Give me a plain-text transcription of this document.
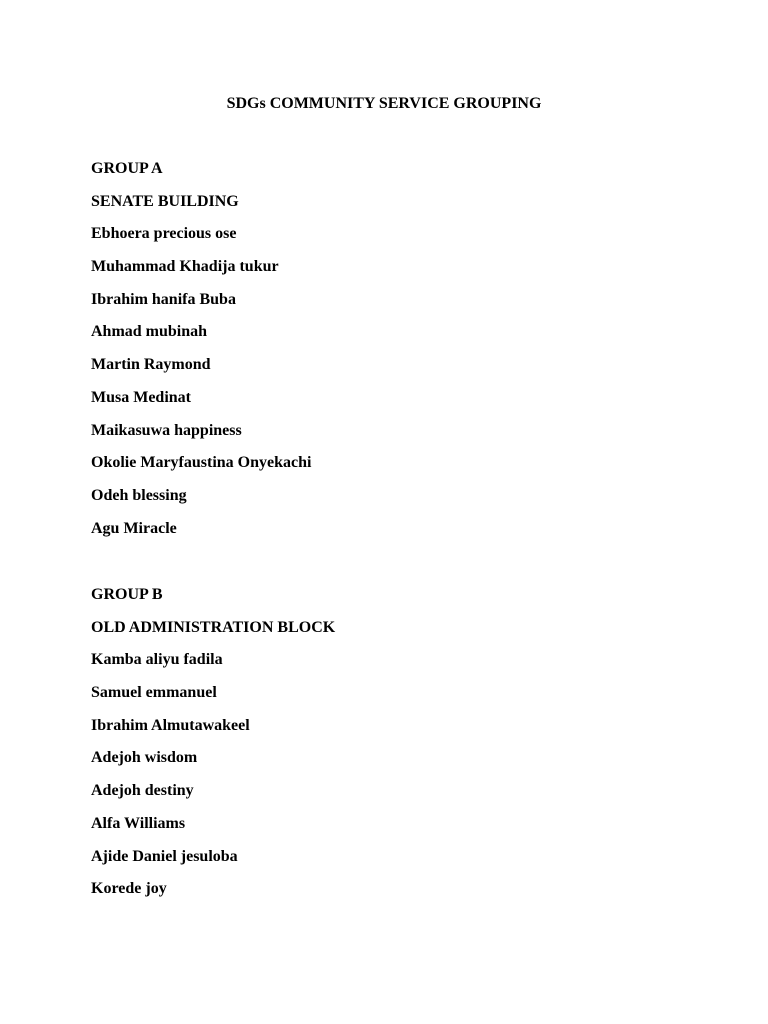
SDGs COMMUNITY SERVICE GROUPING
GROUP A
SENATE BUILDING
Ebhoera precious ose
Muhammad Khadija tukur
Ibrahim hanifa Buba
Ahmad mubinah
Martin Raymond
Musa Medinat
Maikasuwa happiness
Okolie Maryfaustina Onyekachi
Odeh blessing
Agu Miracle
GROUP B
OLD ADMINISTRATION BLOCK
Kamba aliyu fadila
Samuel emmanuel
Ibrahim Almutawakeel
Adejoh wisdom
Adejoh destiny
Alfa Williams
Ajide Daniel jesuloba
Korede joy
